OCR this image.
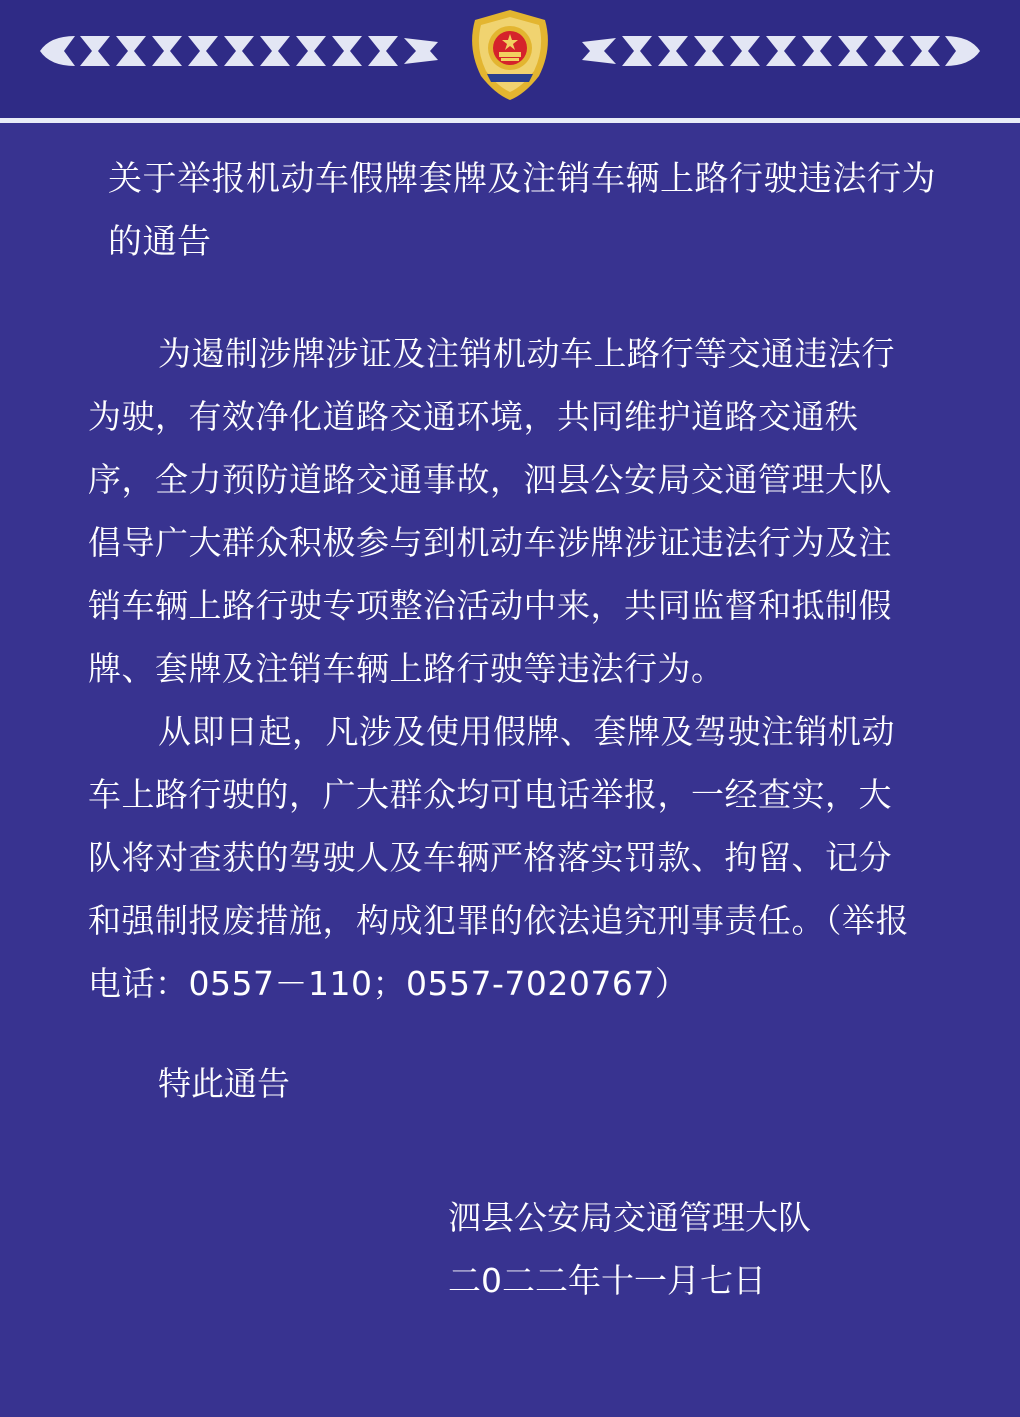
关于举报机动车假牌套牌及注销车辆上路行驶违法行为的通告

为遏制涉牌涉证及注销机动车上路行等交通违法行为驶，有效净化道路交通环境，共同维护道路交通秩序，全力预防道路交通事故，泗县公安局交通管理大队倡导广大群众积极参与到机动车涉牌涉证违法行为及注销车辆上路行驶专项整治活动中来，共同监督和抵制假牌、套牌及注销车辆上路行驶等违法行为。

从即日起，凡涉及使用假牌、套牌及驾驶注销机动车上路行驶的，广大群众均可电话举报，一经查实，大队将对查获的驾驶人及车辆严格落实罚款、拘留、记分和强制报废措施，构成犯罪的依法追究刑事责任。（举报电话：0557－110；0557-7020767）

特此通告
泗县公安局交通管理大队
二0二二年十一月七日
